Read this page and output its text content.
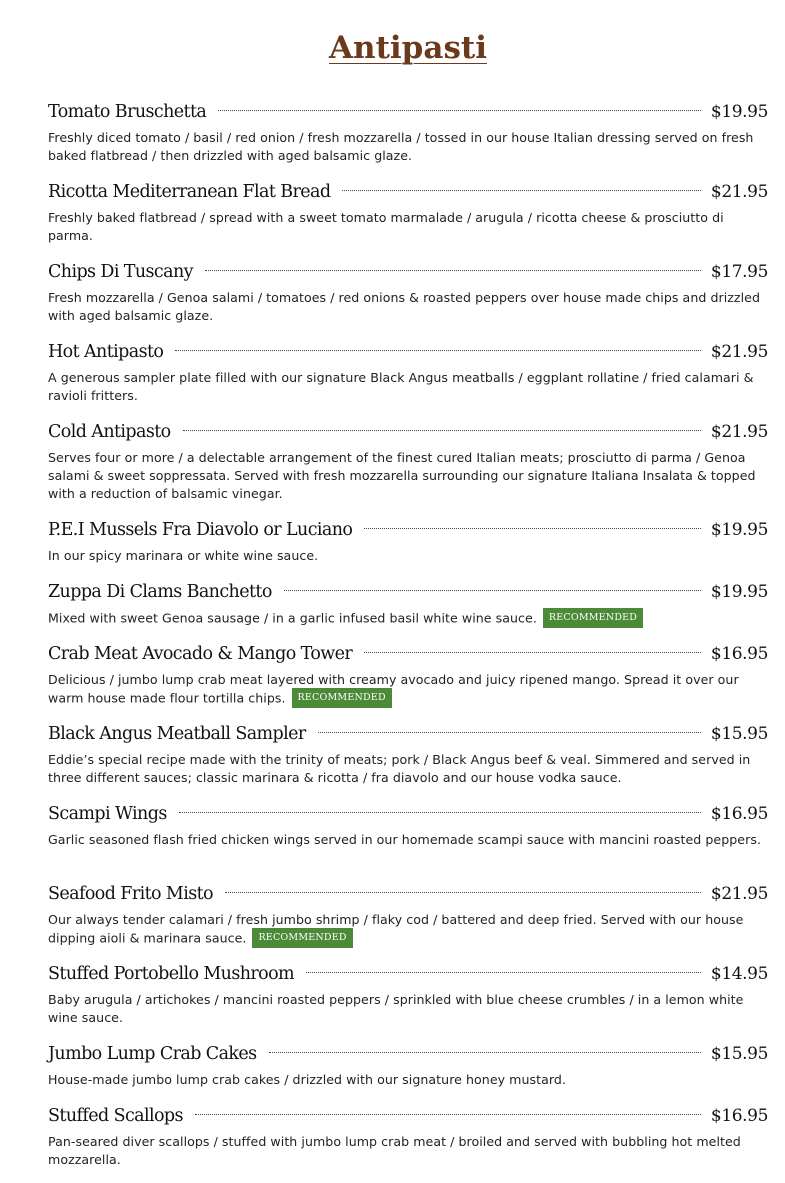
Antipasti
Tomato Bruschetta	$19.95
Freshly diced tomato / basil / red onion / fresh mozzarella / tossed in our house Italian dressing served on fresh baked flatbread / then drizzled with aged balsamic glaze.
Ricotta Mediterranean Flat Bread	$21.95
Freshly baked flatbread / spread with a sweet tomato marmalade / arugula / ricotta cheese & prosciutto di parma.
Chips Di Tuscany	$17.95
Fresh mozzarella / Genoa salami / tomatoes / red onions & roasted peppers over house made chips and drizzled with aged balsamic glaze.
Hot Antipasto	$21.95
A generous sampler plate filled with our signature Black Angus meatballs / eggplant rollatine / fried calamari & ravioli fritters.
Cold Antipasto	$21.95
Serves four or more / a delectable arrangement of the finest cured Italian meats; prosciutto di parma / Genoa salami & sweet soppressata. Served with fresh mozzarella surrounding our signature Italiana Insalata & topped with a reduction of balsamic vinegar.
P.E.I Mussels Fra Diavolo or Luciano	$19.95
In our spicy marinara or white wine sauce.
Zuppa Di Clams Banchetto	$19.95
Mixed with sweet Genoa sausage / in a garlic infused basil white wine sauce. RECOMMENDED
Crab Meat Avocado & Mango Tower	$16.95
Delicious / jumbo lump crab meat layered with creamy avocado and juicy ripened mango. Spread it over our warm house made flour tortilla chips. RECOMMENDED
Black Angus Meatball Sampler	$15.95
Eddie’s special recipe made with the trinity of meats; pork / Black Angus beef & veal. Simmered and served in three different sauces; classic marinara & ricotta / fra diavolo and our house vodka sauce.
Scampi Wings	$16.95
Garlic seasoned flash fried chicken wings served in our homemade scampi sauce with mancini roasted peppers.
Seafood Frito Misto	$21.95
Our always tender calamari / fresh jumbo shrimp / flaky cod / battered and deep fried. Served with our house dipping aioli & marinara sauce. RECOMMENDED
Stuffed Portobello Mushroom	$14.95
Baby arugula / artichokes / mancini roasted peppers / sprinkled with blue cheese crumbles / in a lemon white wine sauce.
Jumbo Lump Crab Cakes	$15.95
House-made jumbo lump crab cakes / drizzled with our signature honey mustard.
Stuffed Scallops	$16.95
Pan-seared diver scallops / stuffed with jumbo lump crab meat / broiled and served with bubbling hot melted mozzarella.
